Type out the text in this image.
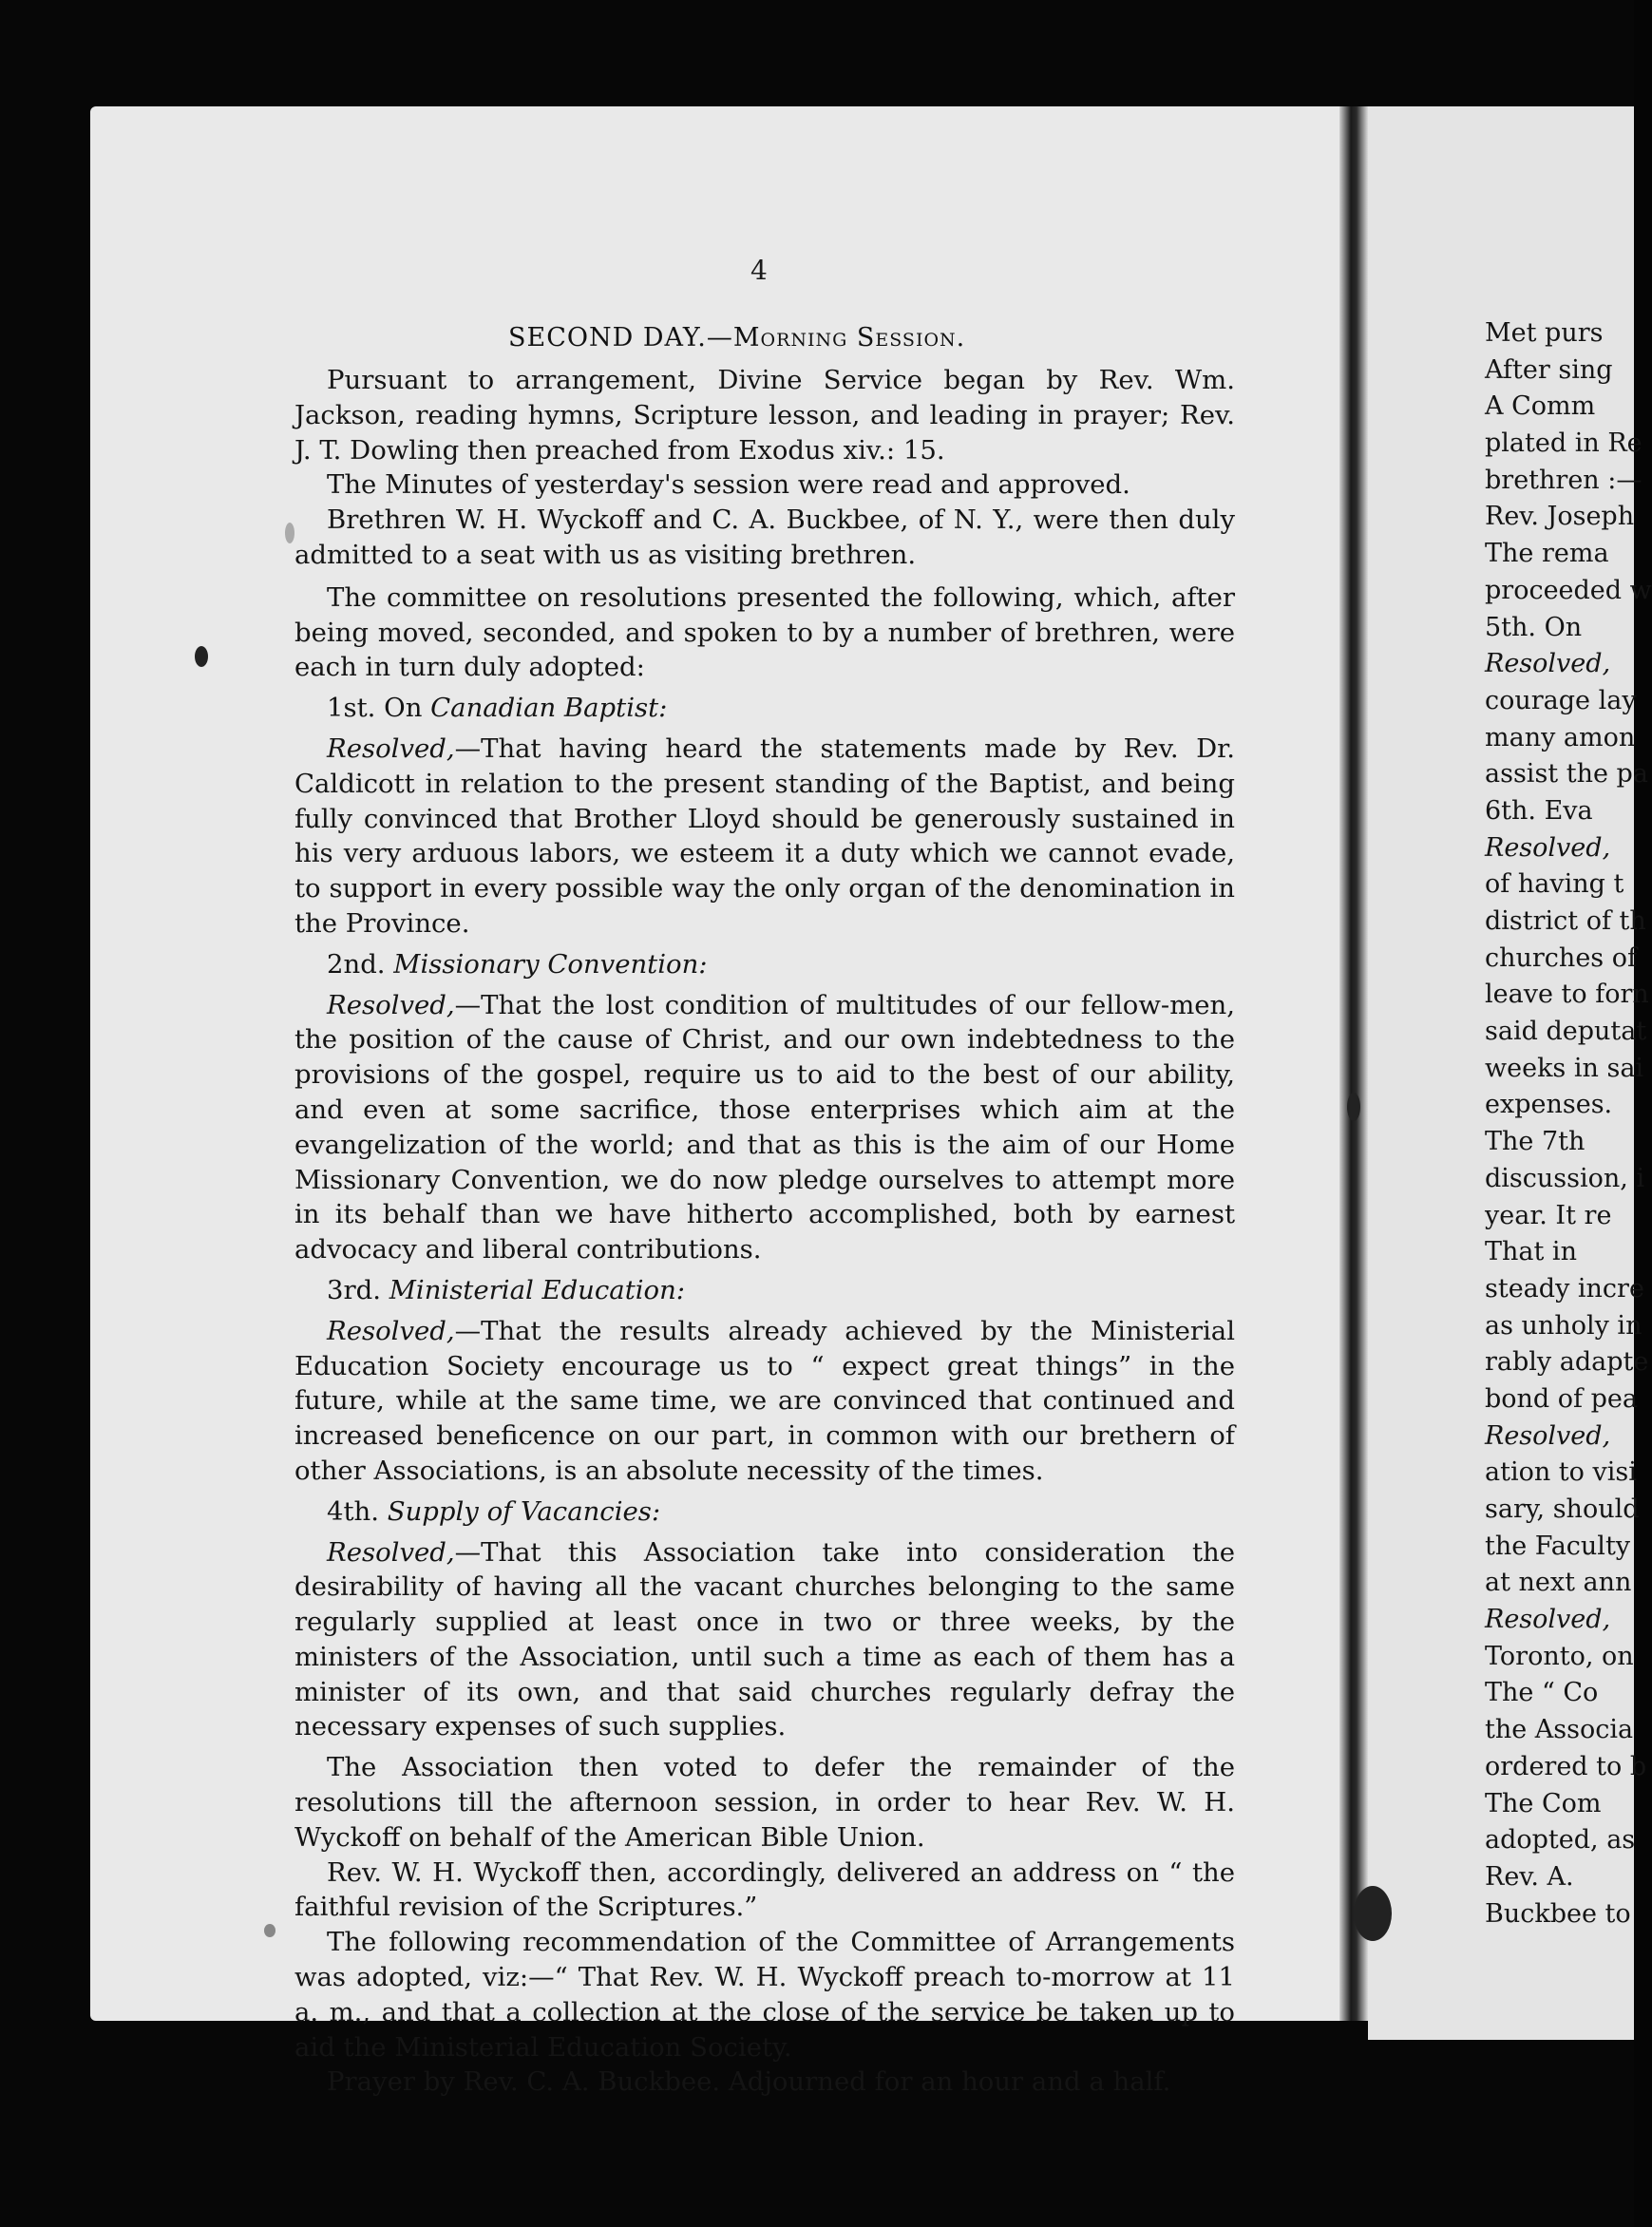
4
SECOND DAY.—Morning Session.

Pursuant to arrangement, Divine Service began by Rev. Wm. Jackson, reading hymns, Scripture lesson, and leading in prayer; Rev. J. T. Dowling then preached from Exodus xiv.: 15.

The Minutes of yesterday's session were read and approved.

Brethren W. H. Wyckoff and C. A. Buckbee, of N. Y., were then duly admitted to a seat with us as visiting brethren.

The committee on resolutions presented the following, which, after being moved, seconded, and spoken to by a number of brethren, were each in turn duly adopted:

1st. On Canadian Baptist:

Resolved,—That having heard the statements made by Rev. Dr. Caldicott in relation to the present standing of the Baptist, and being fully convinced that Brother Lloyd should be generously sustained in his very arduous labors, we esteem it a duty which we cannot evade, to support in every possible way the only organ of the denomination in the Province.

2nd. Missionary Convention:

Resolved,—That the lost condition of multitudes of our fellow-men, the position of the cause of Christ, and our own indebtedness to the provisions of the gospel, require us to aid to the best of our ability, and even at some sacrifice, those enterprises which aim at the evangelization of the world; and that as this is the aim of our Home Missionary Convention, we do now pledge ourselves to attempt more in its behalf than we have hitherto accomplished, both by earnest advocacy and liberal contributions.

3rd. Ministerial Education:

Resolved,—That the results already achieved by the Ministerial Education Society encourage us to “ expect great things” in the future, while at the same time, we are convinced that continued and increased beneficence on our part, in common with our brethern of other Associations, is an absolute necessity of the times.

4th. Supply of Vacancies:

Resolved,—That this Association take into consideration the desirability of having all the vacant churches belonging to the same regularly supplied at least once in two or three weeks, by the ministers of the Association, until such a time as each of them has a minister of its own, and that said churches regularly defray the necessary expenses of such supplies.

The Association then voted to defer the remainder of the resolutions till the afternoon session, in order to hear Rev. W. H. Wyckoff on behalf of the American Bible Union.

Rev. W. H. Wyckoff then, accordingly, delivered an address on “ the faithful revision of the Scriptures.”

The following recommendation of the Committee of Arrangements was adopted, viz:—“ That Rev. W. H. Wyckoff preach to-morrow at 11 a. m., and that a collection at the close of the service be taken up to aid the Ministerial Education Society.

Prayer by Rev. C. A. Buckbee. Adjourned for an hour and a half.

Met purs
After sing
A Comm
plated in Re
brethren :—
Rev. Joseph
The rema
proceeded w
5th. On
Resolved,
courage lay
many amon
assist the pa
6th. Eva
Resolved,
of having t
district of th
churches of
leave to forn
said deputat
weeks in sai
expenses.
The 7th
discussion, i
year. It re
That in
steady incre
as unholy in
rably adapte
bond of pea
Resolved,
ation to visi
sary, should
the Faculty
at next ann
Resolved,
Toronto, on
The “ Co
the Associa
ordered to b
The Com
adopted, as
Rev. A.
Buckbee to
